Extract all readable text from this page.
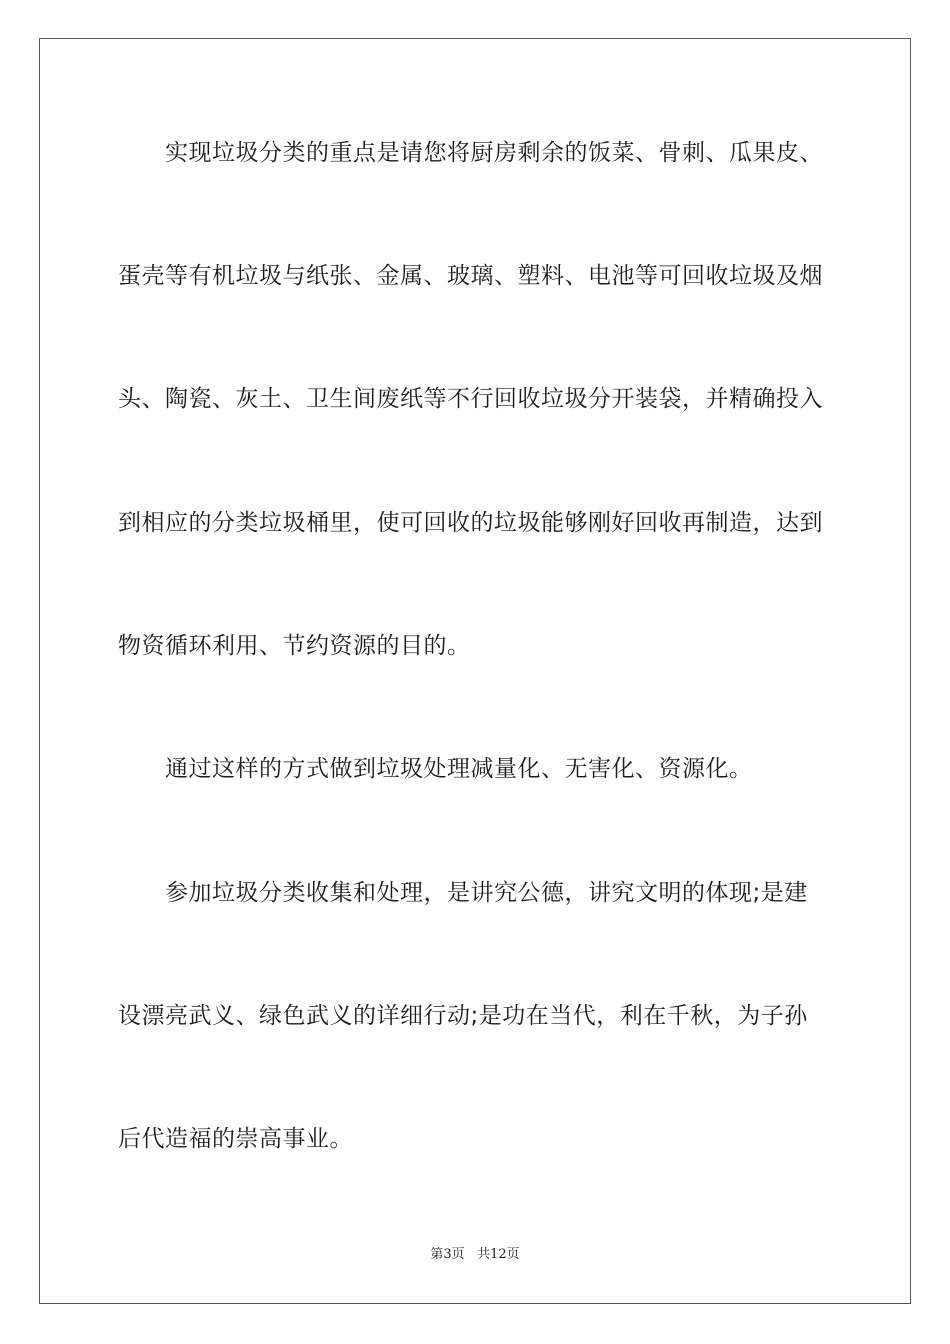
实现垃圾分类的重点是请您将厨房剩余的饭菜、骨刺、瓜果皮、
蛋壳等有机垃圾与纸张、金属、玻璃、塑料、电池等可回收垃圾及烟
头、陶瓷、灰土、卫生间废纸等不行回收垃圾分开装袋，并精确投入
到相应的分类垃圾桶里，使可回收的垃圾能够刚好回收再制造，达到
物资循环利用、节约资源的目的。
通过这样的方式做到垃圾处理减量化、无害化、资源化。
参加垃圾分类收集和处理，是讲究公德，讲究文明的体现;是建
设漂亮武义、绿色武义的详细行动;是功在当代，利在千秋，为子孙
后代造福的崇高事业。
第3页 共12页
